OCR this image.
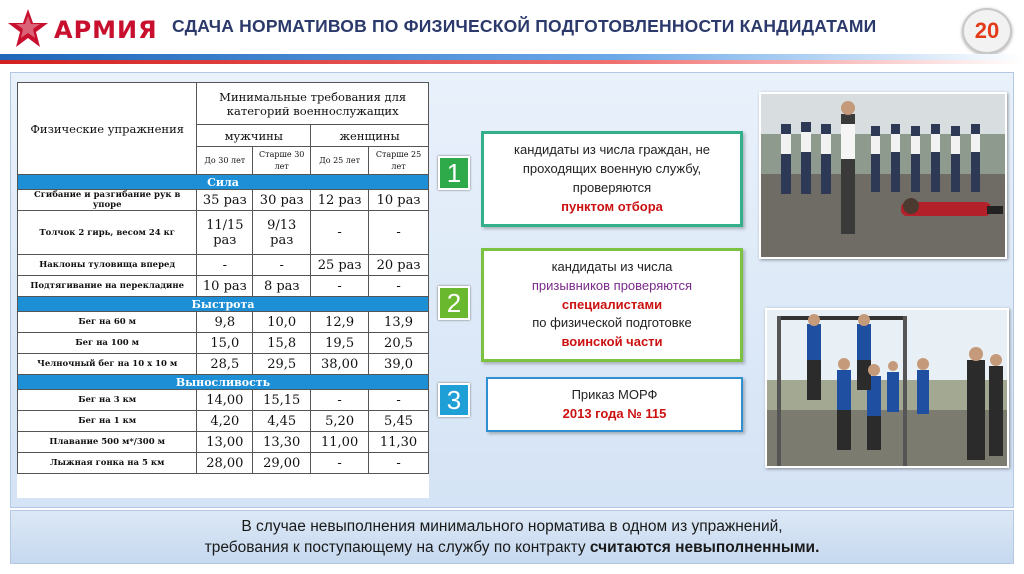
АРМИЯ СДАЧА НОРМАТИВОВ ПО ФИЗИЧЕСКОЙ ПОДГОТОВЛЕННОСТИ КАНДИДАТАМИ	20
Физические упражнения	Минимальные требования для категорий военнослужащих			
	мужчины		женщины	
	До 30 лет	Старше 30 лет	До 25 лет	Старше 25 лет
Сила				
Сгибание и разгибание рук в упоре	35 раз	30 раз	12 раз	10 раз
Толчок 2 гирь, весом 24 кг	11/15 раз	9/13 раз	-	-
Наклоны туловища вперед	-	-	25 раз	20 раз
Подтягивание на перекладине	10 раз	8 раз	-	-
Быстрота				
Бег на 60 м	9,8	10,0	12,9	13,9
Бег на 100 м	15,0	15,8	19,5	20,5
Челночный бег на 10 х 10 м	28,5	29,5	38,00	39,0
Выносливость				
Бег на 3 км	14,00	15,15	-	-
Бег на 1 км	4,20	4,45	5,20	5,45
Плавание 500 м*/300 м	13,00	13,30	11,00	11,30
Лыжная гонка на 5 км	28,00	29,00	-	-
1
2
3
кандидаты из числа граждан, не проходящих военную службу, проверяются
пунктом отбора
кандидаты из числа
призывников проверяются
специалистами
по физической подготовке
воинской части
Приказ МОРФ
2013 года № 115
В случае невыполнения минимального норматива в одном из упражнений,
требования к поступающему на службу по контракту считаются невыполненными.
